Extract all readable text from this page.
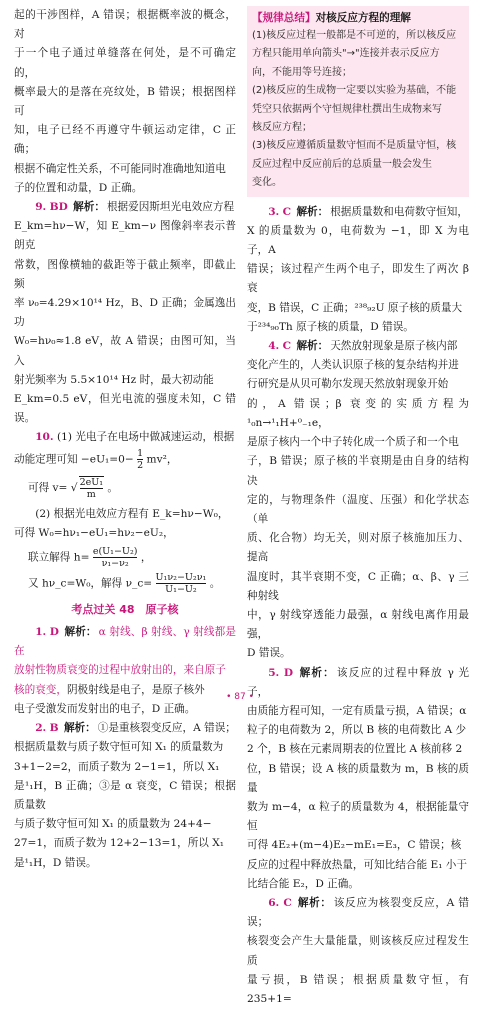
起的干涉图样，A 错误；根据概率波的概念，对

于一个电子通过单缝落在何处，是不可确定的，

概率最大的是落在亮纹处，B 错误；根据图样可

知，电子已经不再遵守牛顿运动定律，C 正确；

根据不确定性关系，不可能同时准确地知道电

子的位置和动量，D 正确。

9. BD 解析： 根据爱因斯坦光电效应方程

E_km=hν−W，知 E_km−ν 图像斜率表示普朗克

常数，图像横轴的截距等于截止频率，即截止频

率 ν₀=4.29×10¹⁴ Hz，B、D 正确；金属逸出功

W₀=hν₀≈1.8 eV，故 A 错误；由图可知，当入

射光频率为 5.5×10¹⁴ Hz 时，最大初动能

E_km=0.5 eV，但光电流的强度未知，C 错误。

10. (1) 光电子在电场中做减速运动，根据

动能定理可知 $-eU_1=0- \frac{1}{2} mv^2$，

可得 v= √ $\frac{\text{2eU₁}}{m}$ 。

(2) 根据光电效应方程有 E_k=hν−W₀，

可得 W₀=hν₁−eU₁=hν₂−eU₂，

联立解得 $h= \frac{\text{e(U₁−U₂)}}{\text{ν₁−ν₂}}$ ，
又 hν_c=W₀，解得 ν_c= $\frac{\text{U₁ν₂−U₂ν₁}}{\text{U₁−U₂}}$ 。
考点过关 48　原子核

1. D 解析： α 射线、β 射线、γ 射线都是在

放射性物质衰变的过程中放射出的，来自原子

核的衰变，阴极射线是电子，是原子核外

电子受激发而发射出的电子，D 正确。

2. B 解析： ①是重核裂变反应，A 错误；

根据质量数与质子数守恒可知 X₁ 的质量数为

3+1−2=2，而质子数为 2−1=1，所以 X₁

是¹₁H，B 正确；③是 α 衰变，C 错误；根据质量数

与质子数守恒可知 X₁ 的质量数为 24+4−

27=1，而质子数为 12+2−13=1，所以 X₁

是¹₁H，D 错误。

【规律总结】对核反应方程的理解

(1)核反应过程一般都是不可逆的，所以核反应

方程只能用单向箭头"→"连接并表示反应方

向，不能用等号连接；

(2)核反应的生成物一定要以实验为基础，不能

凭空只依据两个守恒规律杜撰出生成物来写

核反应方程；

(3)核反应遵循质量数守恒而不是质量守恒，核

反应过程中反应前后的总质量一般会发生

变化。

3. C 解析： 根据质量数和电荷数守恒知，

X 的质量数为 0，电荷数为 −1，即 X 为电子，A

错误；该过程产生两个电子，即发生了两次 β 衰

变，B 错误，C 正确；²³⁸₉₂U 原子核的质量大

于²³⁴₉₀Th 原子核的质量，D 错误。

4. C 解析： 天然放射现象是原子核内部

变化产生的，人类认识原子核的复杂结构并进

行研究是从贝可勒尔发现天然放射现象开始

的，A 错误；β 衰变的实质方程为¹₀n→¹₁H+⁰₋₁e，

是原子核内一个中子转化成一个质子和一个电

子，B 错误；原子核的半衰期是由自身的结构决

定的，与物理条件（温度、压强）和化学状态（单

质、化合物）均无关，则对原子核施加压力、提高

温度时，其半衰期不变，C 正确；α、β、γ 三种射线

中，γ 射线穿透能力最强，α 射线电离作用最强，

D 错误。

5. D 解析： 该反应的过程中释放 γ 光子，

由质能方程可知，一定有质量亏损，A 错误；α

粒子的电荷数为 2，所以 B 核的电荷数比 A 少

2 个，B 核在元素周期表的位置比 A 核前移 2

位，B 错误；设 A 核的质量数为 m，B 核的质量

数为 m−4，α 粒子的质量数为 4，根据能量守恒

可得 4E₂+(m−4)E₂−mE₁=E₃，C 错误；核

反应的过程中释放热量，可知比结合能 E₁ 小于

比结合能 E₂，D 正确。

6. C 解析： 该反应为核裂变反应，A 错误；

核裂变会产生大量能量，则该核反应过程发生质

量亏损，B 错误；根据质量数守恒，有 235+1=

• 87 •
